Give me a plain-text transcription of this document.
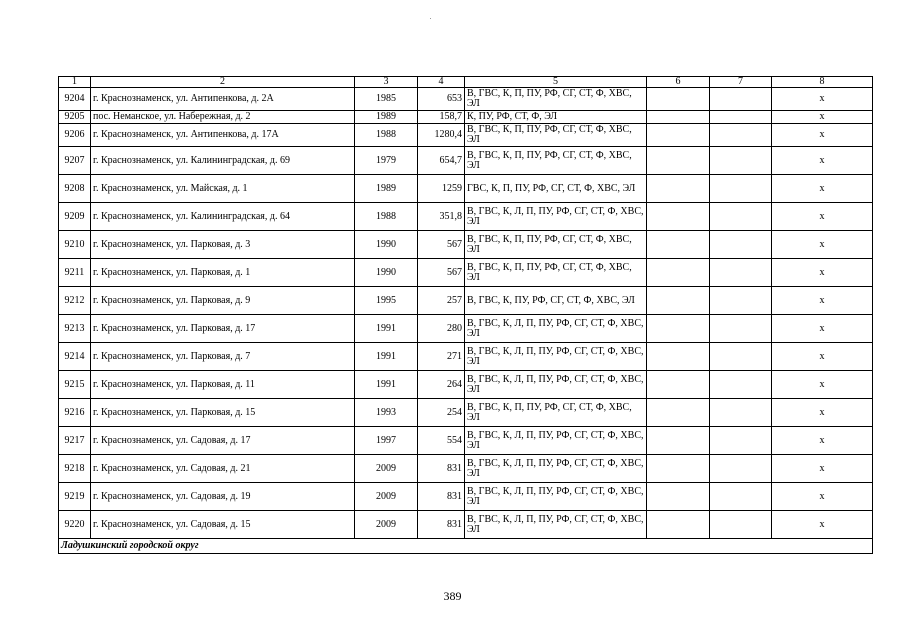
1	2	3	4	5	6	7	8
9204	г. Краснознаменск, ул. Антипенкова, д. 2А	1985	653	В, ГВС, К, П, ПУ, РФ, СГ, СТ, Ф, ХВС, ЭЛ			х
9205	пос. Неманское, ул. Набережная, д. 2	1989	158,7	К, ПУ, РФ, СТ, Ф, ЭЛ			х
9206	г. Краснознаменск, ул. Антипенкова, д. 17А	1988	1280,4	В, ГВС, К, П, ПУ, РФ, СГ, СТ, Ф, ХВС, ЭЛ			х
9207	г. Краснознаменск, ул. Калининградская, д. 69	1979	654,7	В, ГВС, К, П, ПУ, РФ, СГ, СТ, Ф, ХВС, ЭЛ			х
9208	г. Краснознаменск, ул. Майская, д. 1	1989	1259	ГВС, К, П, ПУ, РФ, СГ, СТ, Ф, ХВС, ЭЛ			х
9209	г. Краснознаменск, ул. Калининградская, д. 64	1988	351,8	В, ГВС, К, Л, П, ПУ, РФ, СГ, СТ, Ф, ХВС, ЭЛ			х
9210	г. Краснознаменск, ул. Парковая, д. 3	1990	567	В, ГВС, К, П, ПУ, РФ, СГ, СТ, Ф, ХВС, ЭЛ			х
9211	г. Краснознаменск, ул. Парковая, д. 1	1990	567	В, ГВС, К, П, ПУ, РФ, СГ, СТ, Ф, ХВС, ЭЛ			х
9212	г. Краснознаменск, ул. Парковая, д. 9	1995	257	В, ГВС, К, ПУ, РФ, СГ, СТ, Ф, ХВС, ЭЛ			х
9213	г. Краснознаменск, ул. Парковая, д. 17	1991	280	В, ГВС, К, Л, П, ПУ, РФ, СГ, СТ, Ф, ХВС, ЭЛ			х
9214	г. Краснознаменск, ул. Парковая, д. 7	1991	271	В, ГВС, К, Л, П, ПУ, РФ, СГ, СТ, Ф, ХВС, ЭЛ			х
9215	г. Краснознаменск, ул. Парковая, д. 11	1991	264	В, ГВС, К, Л, П, ПУ, РФ, СГ, СТ, Ф, ХВС, ЭЛ			х
9216	г. Краснознаменск, ул. Парковая, д. 15	1993	254	В, ГВС, К, П, ПУ, РФ, СГ, СТ, Ф, ХВС, ЭЛ			х
9217	г. Краснознаменск, ул. Садовая, д. 17	1997	554	В, ГВС, К, Л, П, ПУ, РФ, СГ, СТ, Ф, ХВС, ЭЛ			х
9218	г. Краснознаменск, ул. Садовая, д. 21	2009	831	В, ГВС, К, Л, П, ПУ, РФ, СГ, СТ, Ф, ХВС, ЭЛ			х
9219	г. Краснознаменск, ул. Садовая, д. 19	2009	831	В, ГВС, К, Л, П, ПУ, РФ, СГ, СТ, Ф, ХВС, ЭЛ			х
9220	г. Краснознаменск, ул. Садовая, д. 15	2009	831	В, ГВС, К, Л, П, ПУ, РФ, СГ, СТ, Ф, ХВС, ЭЛ			х
Ладушкинский городской округ							
389
